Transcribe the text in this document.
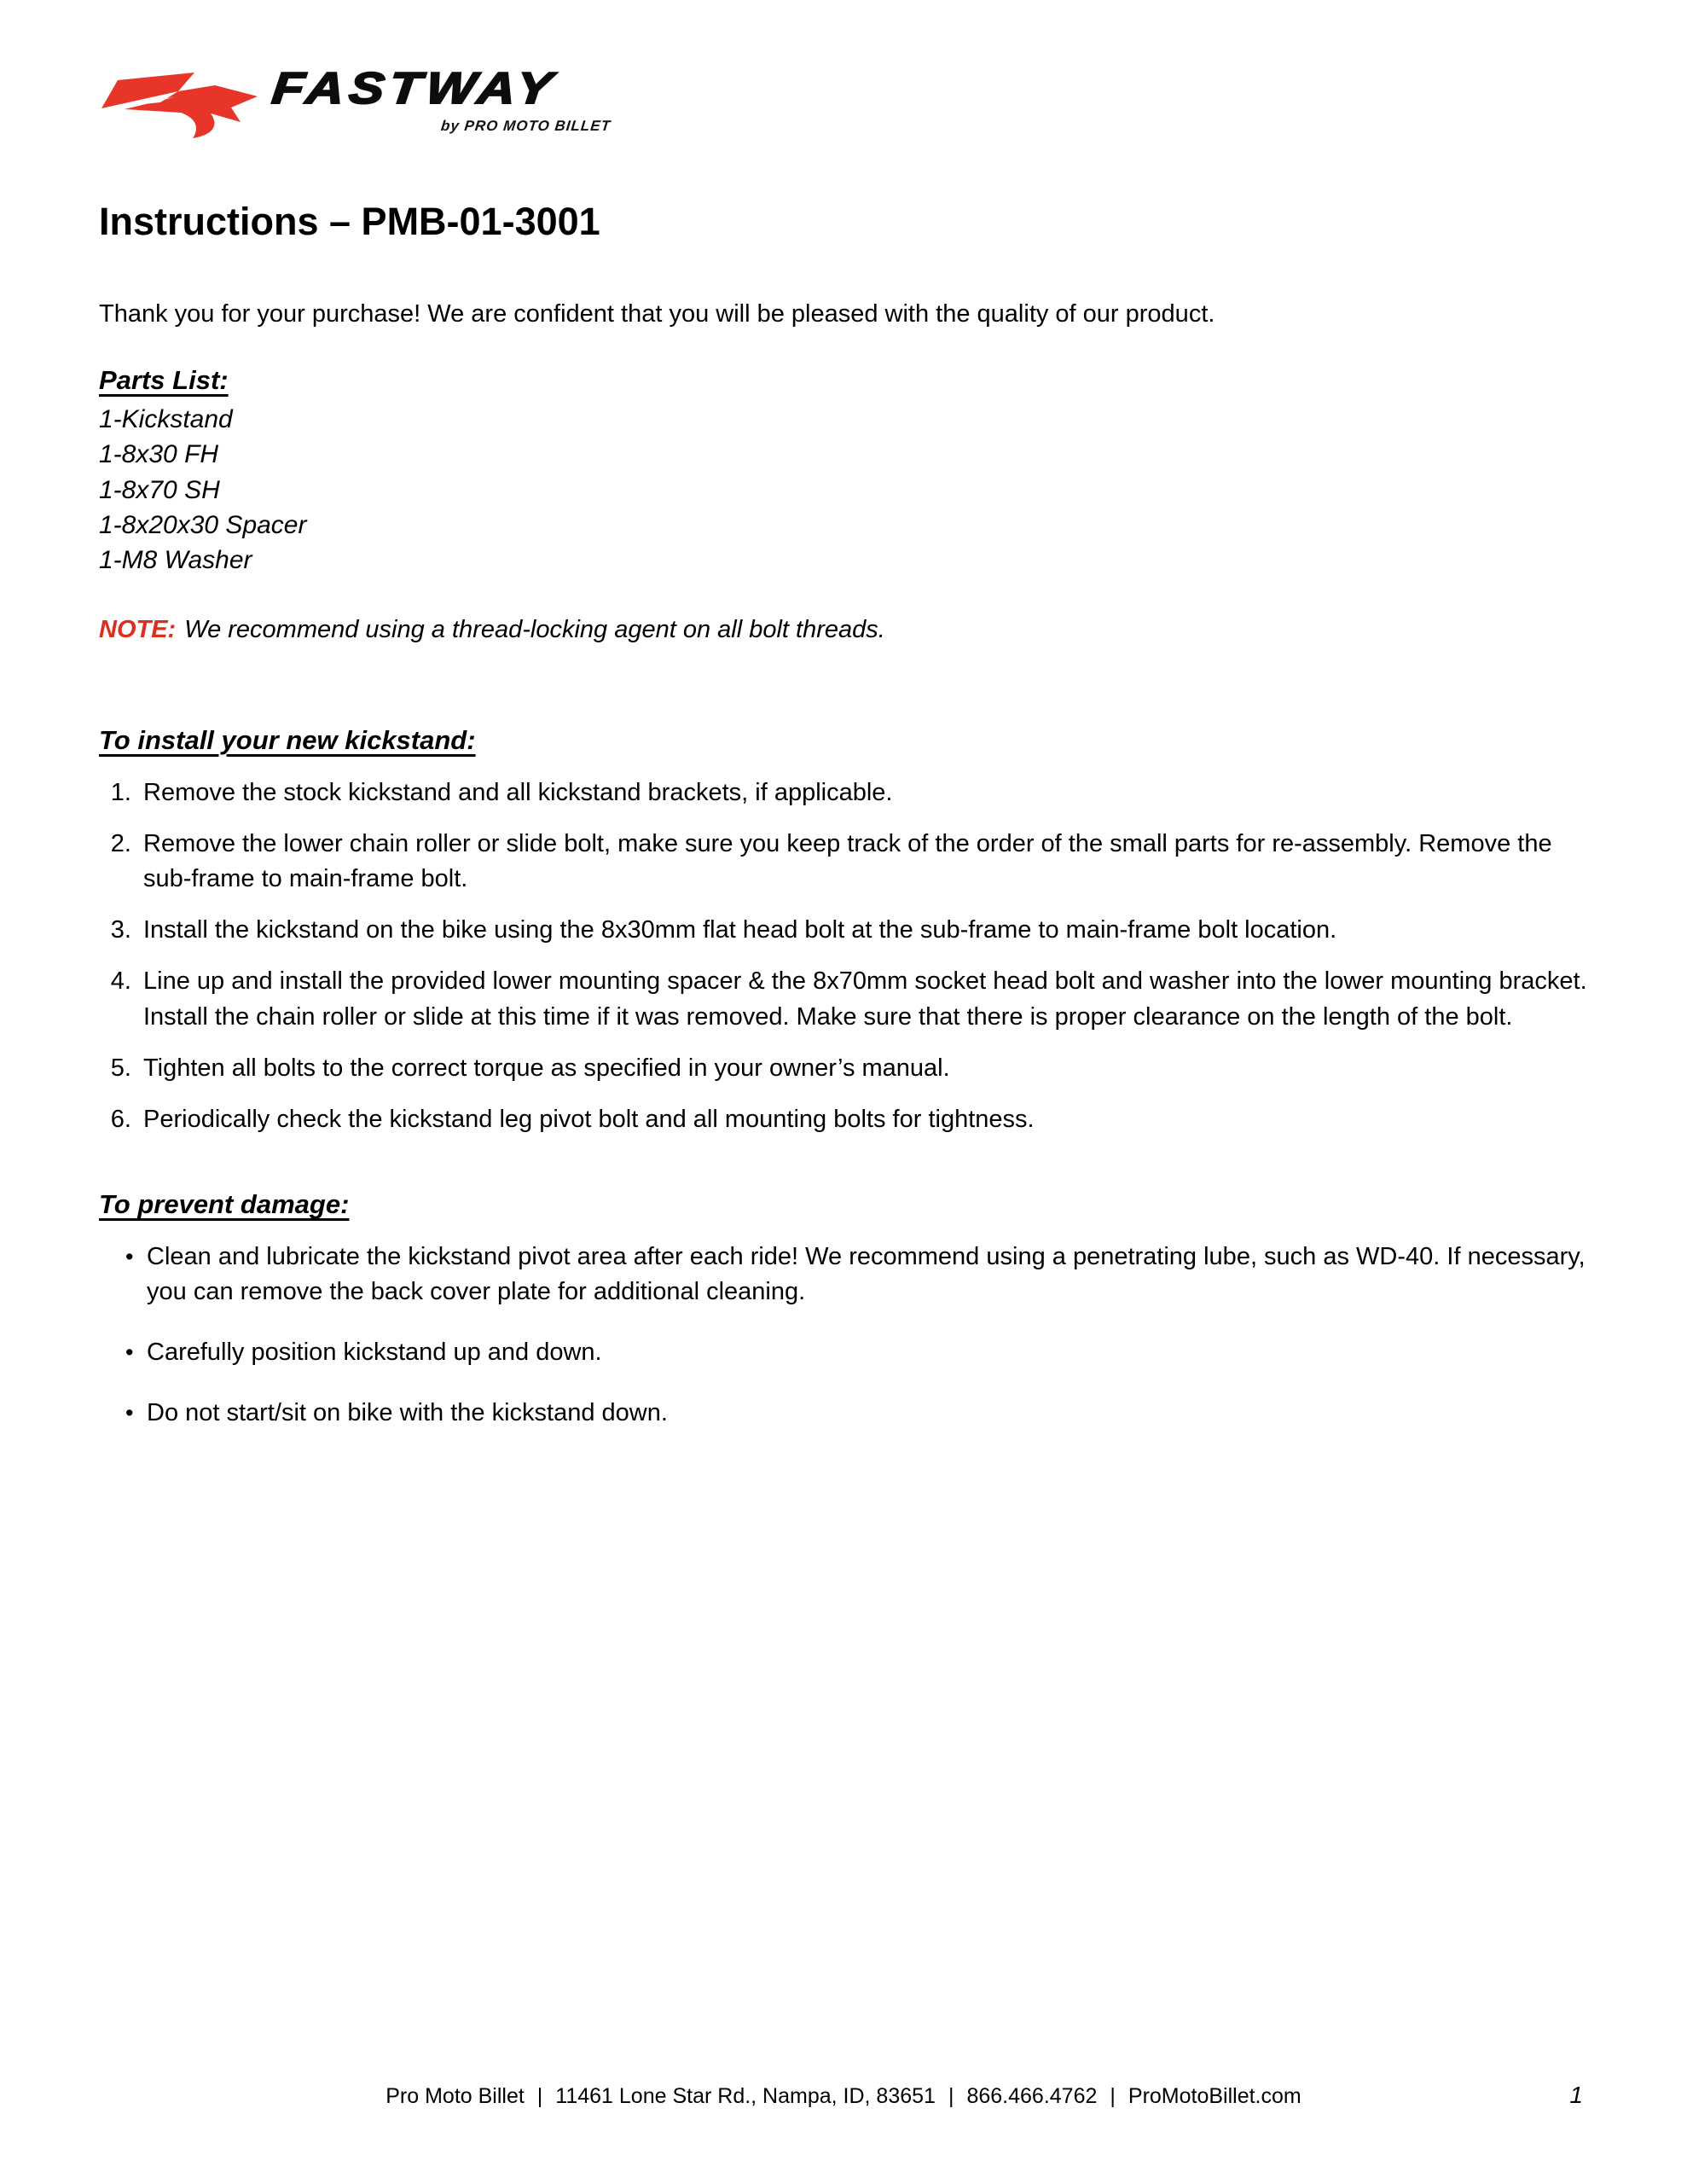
FASTWAY
by PRO MOTO BILLET
Instructions – PMB-01-3001

Thank you for your purchase! We are confident that you will be pleased with the quality of our product.

Parts List:
1-Kickstand
1-8x30 FH
1-8x70 SH
1-8x20x30 Spacer
1-M8 Washer

NOTE: We recommend using a thread-locking agent on all bolt threads.

To install your new kickstand:
1. Remove the stock kickstand and all kickstand brackets, if applicable.
2. Remove the lower chain roller or slide bolt, make sure you keep track of the order of the small parts for re-assembly. Remove the sub-frame to main-frame bolt.
3. Install the kickstand on the bike using the 8x30mm flat head bolt at the sub-frame to main-frame bolt location.
4. Line up and install the provided lower mounting spacer & the 8x70mm socket head bolt and washer into the lower mounting bracket. Install the chain roller or slide at this time if it was removed. Make sure that there is proper clearance on the length of the bolt.
5. Tighten all bolts to the correct torque as specified in your owner’s manual.
6. Periodically check the kickstand leg pivot bolt and all mounting bolts for tightness.
To prevent damage:
• Clean and lubricate the kickstand pivot area after each ride! We recommend using a penetrating lube, such as WD-40. If necessary, you can remove the back cover plate for additional cleaning.
• Carefully position kickstand up and down.
• Do not start/sit on bike with the kickstand down.
Pro Moto Billet | 11461 Lone Star Rd., Nampa, ID, 83651 | 866.466.4762 | ProMotoBillet.com	1
